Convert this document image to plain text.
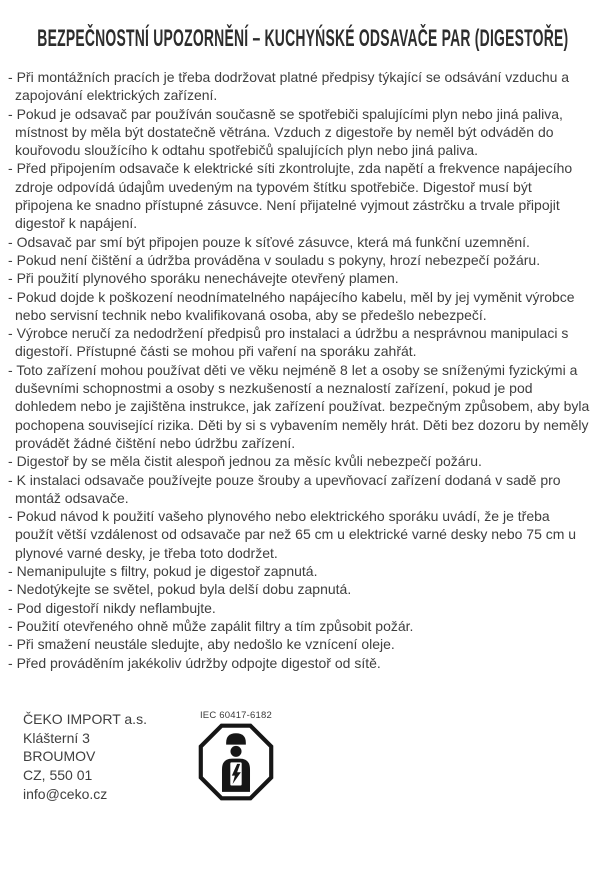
BEZPEČNOSTNÍ UPOZORNĚNÍ – KUCHYŃSKÉ ODSAVAČE PAR (DIGESTOŘE)
- Při montážních pracích je třeba dodržovat platné předpisy týkající se odsávání vzduchu a zapojování elektrických zařízení.
- Pokud je odsavač par používán současně se spotřebiči spalujícími plyn nebo jiná paliva, místnost by měla být dostatečně větrána. Vzduch z digestoře by neměl být odváděn do kouřovodu sloužícího k odtahu spotřebičů spalujících plyn nebo jiná paliva.
- Před připojením odsavače k elektrické síti zkontrolujte, zda napětí a frekvence napájecího zdroje odpovídá údajům uvedeným na typovém štítku spotřebiče. Digestoř musí být připojena ke snadno přístupné zásuvce. Není přijatelné vyjmout zástrčku a trvale připojit digestoř k napájení.
- Odsavač par smí být připojen pouze k síťové zásuvce, která má funkční uzemnění.
- Pokud není čištění a údržba prováděna v souladu s pokyny, hrozí nebezpečí požáru.
- Při použití plynového sporáku nenechávejte otevřený plamen.
- Pokud dojde k poškození neodnímatelného napájecího kabelu, měl by jej vyměnit výrobce nebo servisní technik nebo kvalifikovaná osoba, aby se předešlo nebezpečí.
- Výrobce neručí za nedodržení předpisů pro instalaci a údržbu a nesprávnou manipulaci s digestoří. Přístupné části se mohou při vaření na sporáku zahřát.
- Toto zařízení mohou používat děti ve věku nejméně 8 let a osoby se sníženými fyzickými a duševními schopnostmi a osoby s nezkušeností a neznalostí zařízení, pokud je pod dohledem nebo je zajištěna instrukce, jak zařízení používat. bezpečným způsobem, aby byla pochopena související rizika. Děti by si s vybavením neměly hrát. Děti bez dozoru by neměly provádět žádné čištění nebo údržbu zařízení.
- Digestoř by se měla čistit alespoň jednou za měsíc kvůli nebezpečí požáru.
- K instalaci odsavače používejte pouze šrouby a upevňovací zařízení dodaná v sadě pro montáž odsavače.
- Pokud návod k použití vašeho plynového nebo elektrického sporáku uvádí, že je třeba použít větší vzdálenost od odsavače par než 65 cm u elektrické varné desky nebo 75 cm u plynové varné desky, je třeba toto dodržet.
- Nemanipulujte s filtry, pokud je digestoř zapnutá.
- Nedotýkejte se světel, pokud byla delší dobu zapnutá.
- Pod digestoří nikdy neflambujte.
- Použití otevřeného ohně může zapálit filtry a tím způsobit požár.
- Při smažení neustále sledujte, aby nedošlo ke vznícení oleje.
- Před prováděním jakékoliv údržby odpojte digestoř od sítě.
ČEKO IMPORT a.s.
Klášterní 3
BROUMOV
CZ, 550 01
info@ceko.cz
IEC 60417-6182
